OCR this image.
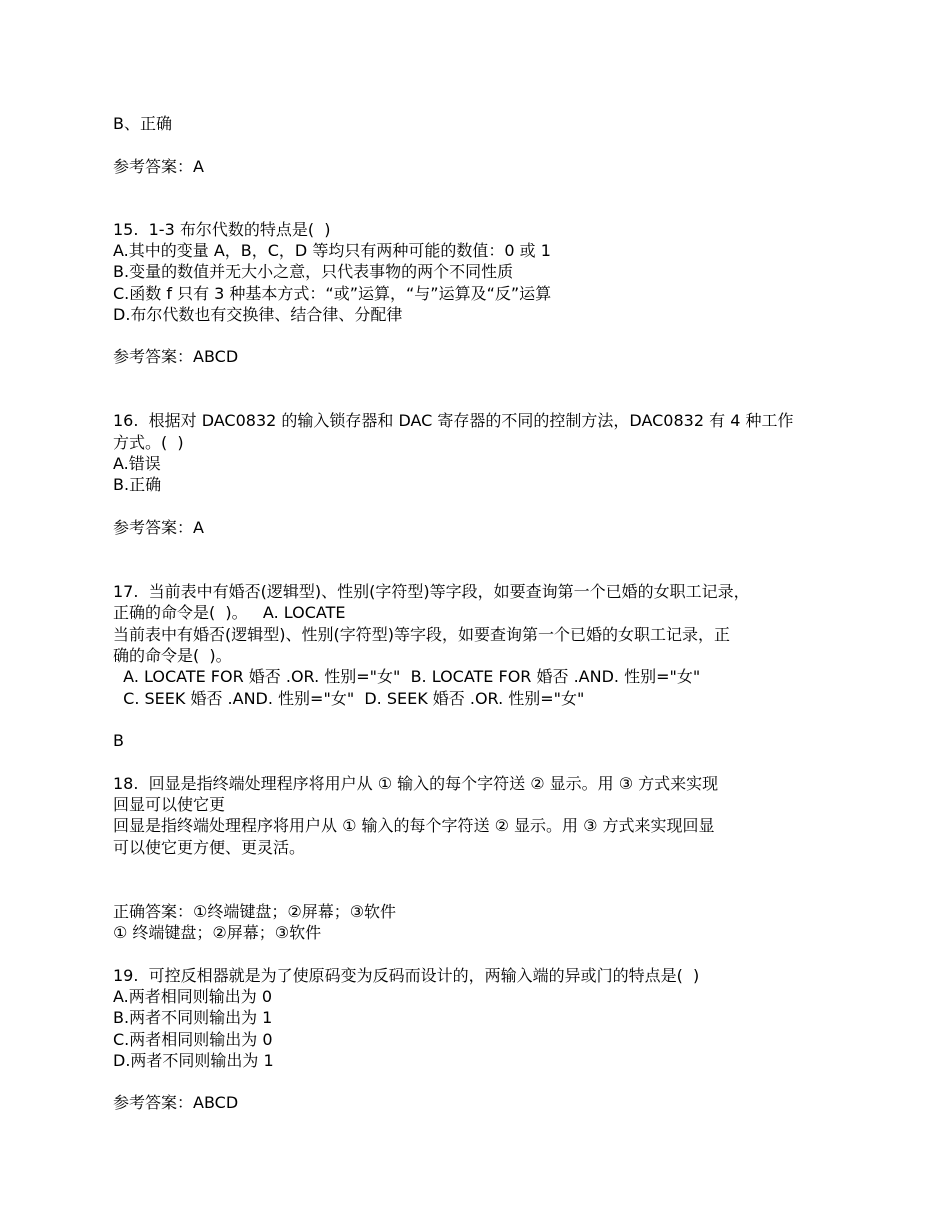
B、正确
参考答案：A
15.  1-3 布尔代数的特点是(  )
A.其中的变量 A，B，C，D 等均只有两种可能的数值：0 或 1
B.变量的数值并无大小之意，只代表事物的两个不同性质
C.函数 f 只有 3 种基本方式：“或”运算，“与”运算及“反”运算
D.布尔代数也有交换律、结合律、分配律
参考答案：ABCD
16.  根据对 DAC0832 的输入锁存器和 DAC 寄存器的不同的控制方法，DAC0832 有 4 种工作
方式。(  )
A.错误
B.正确
参考答案：A
17.  当前表中有婚否(逻辑型)、性别(字符型)等字段，如要查询第一个已婚的女职工记录，
正确的命令是(  )。   A. LOCATE
当前表中有婚否(逻辑型)、性别(字符型)等字段，如要查询第一个已婚的女职工记录，正
确的命令是(  )。
A. LOCATE FOR 婚否 .OR. 性别="女"  B. LOCATE FOR 婚否 .AND. 性别="女"
C. SEEK 婚否 .AND. 性别="女"  D. SEEK 婚否 .OR. 性别="女"
B
18.  回显是指终端处理程序将用户从 ① 输入的每个字符送 ② 显示。用 ③ 方式来实现
回显可以使它更
回显是指终端处理程序将用户从 ① 输入的每个字符送 ② 显示。用 ③ 方式来实现回显
可以使它更方便、更灵活。
正确答案：①终端键盘；②屏幕；③软件
① 终端键盘；②屏幕；③软件
19.  可控反相器就是为了使原码变为反码而设计的，两输入端的异或门的特点是(  )
A.两者相同则输出为 0
B.两者不同则输出为 1
C.两者相同则输出为 0
D.两者不同则输出为 1
参考答案：ABCD
